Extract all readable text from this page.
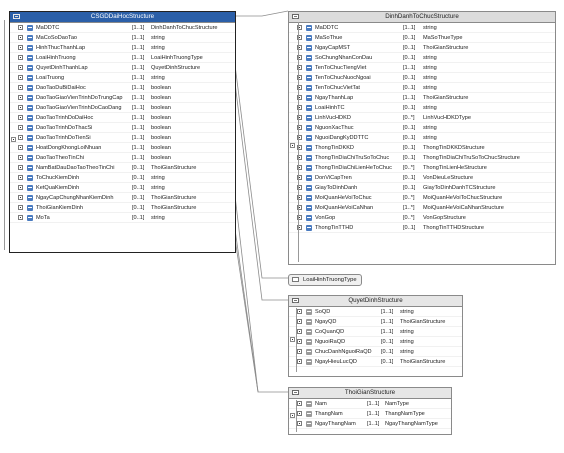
CSGDDaiHocStructure
MaDDTC	[1..1] DinhDanhToChucStructure
MaCoSoDaoTao	[1..1] string
HinhThucThanhLap	[1..1] string
LoaiHinhTruong	[1..1] LoaiHinhTruongType
QuyetDinhThanhLap	[1..1] QuyetDinhStructure
LoaiTruong	[1..1] string
DaoTaoDuBiDaiHoc	[1..1] boolean
DaoTaoGiaoVienTrinhDoTrungCap	[1..1] boolean
DaoTaoGiaoVienTrinhDoCaoDang	[1..1] boolean
DaoTaoTrinhDoDaiHoc	[1..1] boolean
DaoTaoTrinhDoThacSi	[1..1] boolean
DaoTaoTrinhDoTienSi	[1..1] boolean
HoatDongKhongLoiNhuan	[1..1] boolean
DaoTaoTheoTinChi	[1..1] boolean
NamBatDauDaoTaoTheoTinChi	[0..1] ThoiGianStructure
ToChucKiemDinh	[0..1] string
KetQuaKiemDinh	[0..1] string
NgayCapChungNhanKiemDinh	[0..1] ThoiGianStructure
ThoiGianKiemDinh	[0..1] ThoiGianStructure
MoTa	[0..1] string
DinhDanhToChucStructure
MaDDTC	[1..1] string
MaSoThue	[0..1] MaSoThueType
NgayCapMST	[0..1] ThoiGianStructure
SoChungNhanConDau	[0..1] string
TenToChucTiengViet	[1..1] string
TenToChucNuocNgoai	[0..1] string
TenToChucVietTat	[0..1] string
NgayThanhLap	[1..1] ThoiGianStructure
LoaiHinhTC	[0..1] string
LinhVucHDKD	[0..*] LinhVucHDKDType
NguonXacThuc	[0..1] string
NguoiDangKyDDTTC	[0..1] string
ThongTinDKKD	[0..1] ThongTinDKKDStructure
ThongTinDiaChiTruSoToChuc	[0..1] ThongTinDiaChiTruSoToChucStructure
ThongTinDiaChiLienHeToChuc	[0..*] ThongTinLienHeStructure
DonViCapTren	[0..1] VonDieuLeStructure
GiayToDinhDanh	[0..1] GiayToDinhDanhTCStructure
MoiQuanHeVoiToChuc	[0..*] MoiQuanHeVoiToChucStructure
MoiQuanHeVoiCaNhan	[1..*] MoiQuanHeVoiCaNhanStructure
VonGop	[0..*] VonGopStructure
ThongTinTTHD	[0..1] ThongTinTTHDStructure
LoaiHinhTruongType
QuyetDinhStructure
SoQD	[1..1] string
NgayQD	[1..1] ThoiGianStructure
CoQuanQD	[1..1] string
NguoiRaQD	[0..1] string
ChucDanhNguoiRaQD	[0..1] string
NgayHieuLucQD	[0..1] ThoiGianStructure
ThoiGianStructure
Nam	[1..1] NamType
ThangNam	[1..1] ThangNamType
NgayThangNam	[1..1] NgayThangNamType
